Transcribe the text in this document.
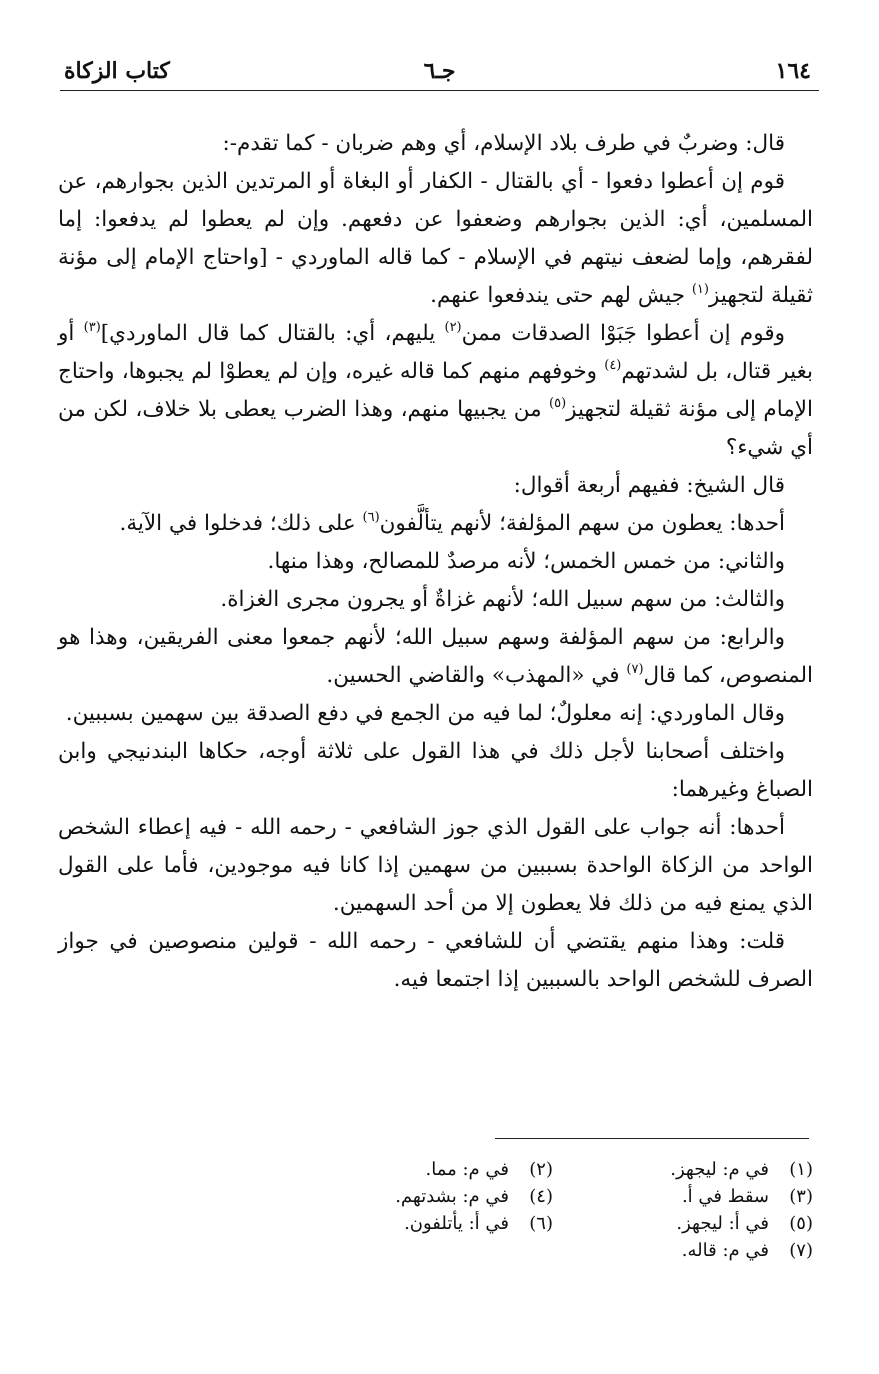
١٦٤
جـ٦
كتاب الزكاة

قال: وضربٌ في طرف بلاد الإسلام، أي وهم ضربان - كما تقدم-:

قوم إن أعطوا دفعوا - أي بالقتال - الكفار أو البغاة أو المرتدين الذين بجوارهم، عن المسلمين، أي: الذين بجوارهم وضعفوا عن دفعهم. وإن لم يعطوا لم يدفعوا: إما لفقرهم، وإما لضعف نيتهم في الإسلام - كما قاله الماوردي - [واحتاج الإمام إلى مؤنة ثقيلة لتجهيز$^{(١)}$ جيش لهم حتى يندفعوا عنهم.

وقوم إن أعطوا جَبَوْا الصدقات ممن$^{(٢)}$ يليهم، أي: بالقتال كما قال الماوردي]$^{(٣)}$ أو بغير قتال، بل لشدتهم$^{(٤)}$ وخوفهم منهم كما قاله غيره، وإن لم يعطوْا لم يجبوها، واحتاج الإمام إلى مؤنة ثقيلة لتجهيز$^{(٥)}$ من يجبيها منهم، وهذا الضرب يعطى بلا خلاف، لكن من أي شيء؟

قال الشيخ: ففيهم أربعة أقوال:

أحدها: يعطون من سهم المؤلفة؛ لأنهم يتألَّفون$^{(٦)}$ على ذلك؛ فدخلوا في الآية.

والثاني: من خمس الخمس؛ لأنه مرصدٌ للمصالح، وهذا منها.

والثالث: من سهم سبيل الله؛ لأنهم غزاةٌ أو يجرون مجرى الغزاة.

والرابع: من سهم المؤلفة وسهم سبيل الله؛ لأنهم جمعوا معنى الفريقين، وهذا هو المنصوص، كما قال$^{(٧)}$ في «المهذب» والقاضي الحسين.

وقال الماوردي: إنه معلولٌ؛ لما فيه من الجمع في دفع الصدقة بين سهمين بسببين.

واختلف أصحابنا لأجل ذلك في هذا القول على ثلاثة أوجه، حكاها البندنيجي وابن الصباغ وغيرهما:

أحدها: أنه جواب على القول الذي جوز الشافعي - رحمه الله - فيه إعطاء الشخص الواحد من الزكاة الواحدة بسببين من سهمين إذا كانا فيه موجودين، فأما على القول الذي يمنع فيه من ذلك فلا يعطون إلا من أحد السهمين.

قلت: وهذا منهم يقتضي أن للشافعي - رحمه الله - قولين منصوصين في جواز الصرف للشخص الواحد بالسببين إذا اجتمعا فيه.

(١)في م: ليجهز.
(٢)في م: مما.
(٣)سقط في أ.
(٤)في م: بشدتهم.
(٥)في أ: ليجهز.
(٦)في أ: يأتلفون.
(٧)في م: قاله.
